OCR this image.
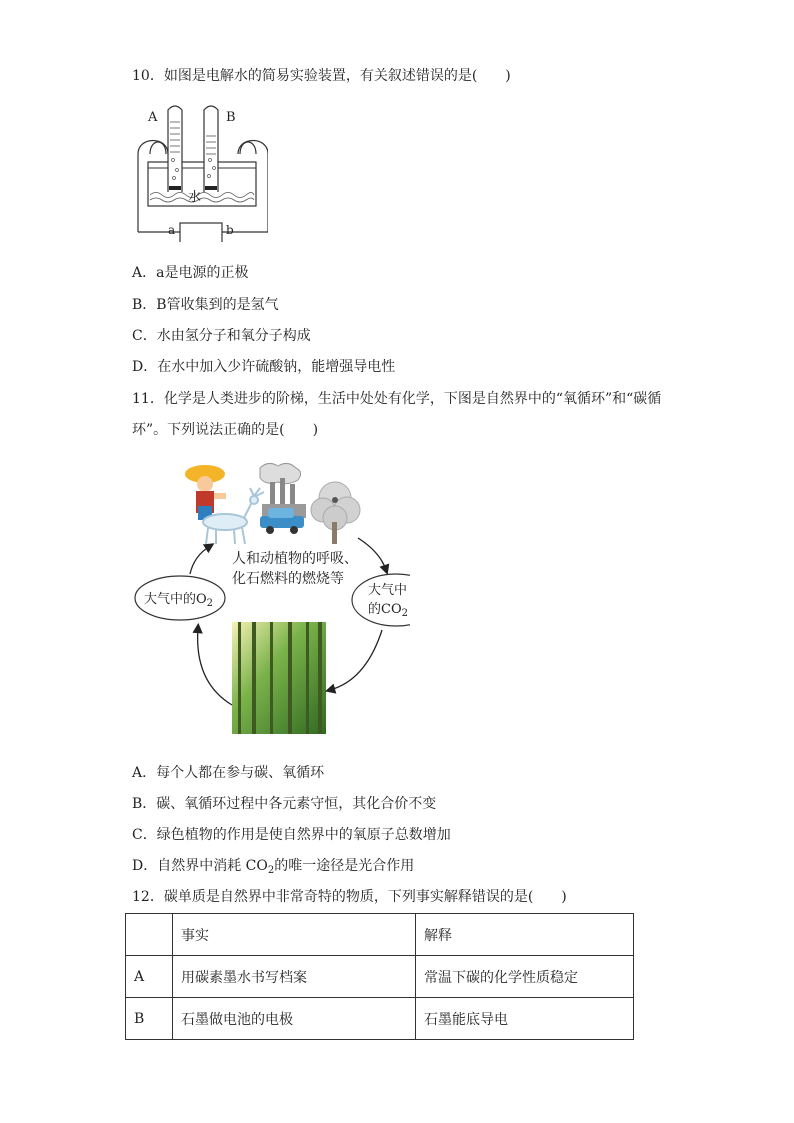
10．如图是电解水的简易实验装置，有关叙述错误的是(　　)
A	B
水
a	b
A．a是电源的正极
B．B管收集到的是氢气
C．水由氢分子和氧分子构成
D．在水中加入少许硫酸钠，能增强导电性
11．化学是人类进步的阶梯，生活中处处有化学，下图是自然界中的“氧循环”和“碳循
环”。下列说法正确的是(　　)
人和动植物的呼吸、
化石燃料的燃烧等
大气中的$O_2$
大气中
的$CO_2$
A．每个人都在参与碳、氧循环
B．碳、氧循环过程中各元素守恒，其化合价不变
C．绿色植物的作用是使自然界中的氧原子总数增加
D．自然界中消耗 $CO_2$的唯一途径是光合作用
12．碳单质是自然界中非常奇特的物质，下列事实解释错误的是(　　)
	事实	解释
A	用碳素墨水书写档案	常温下碳的化学性质稳定
B	石墨做电池的电极	石墨能底导电
